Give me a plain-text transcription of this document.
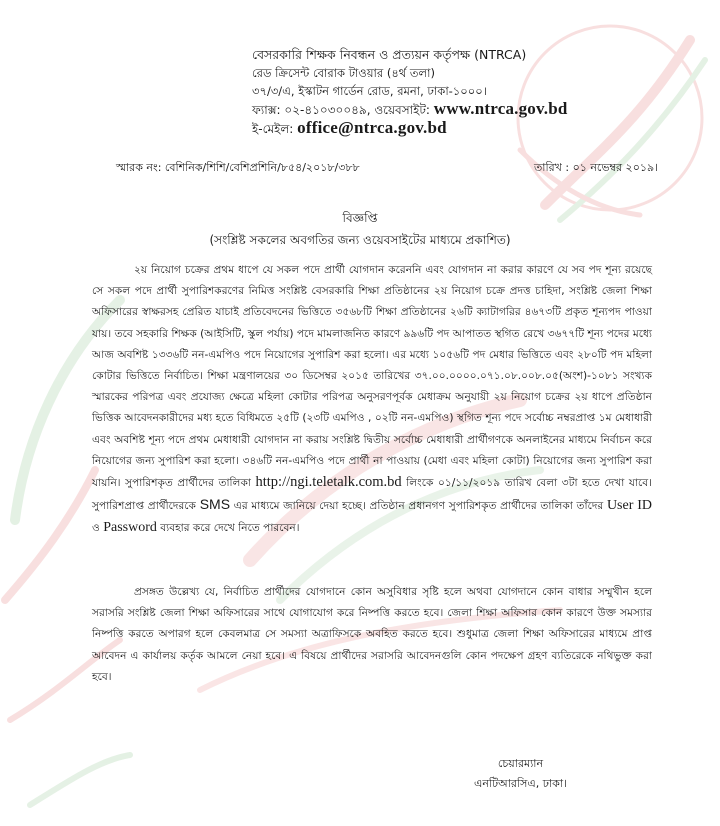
বেসরকারি শিক্ষক নিবন্ধন ও প্রত্যয়ন কর্তৃপক্ষ (NTRCA)
রেড ক্রিসেন্ট বোরাক টাওয়ার (৪র্থ তলা)
৩৭/৩/এ, ইস্কাটন গার্ডেন রোড, রমনা, ঢাকা-১০০০।
ফ্যাক্স: ০২-৪১০৩০০৪৯, ওয়েবসাইট: www.ntrca.gov.bd
ই-মেইল: office@ntrca.gov.bd
স্মারক নং: বেশিনিক/শিশি/বেশিপ্রশিনি/৮৫৪/২০১৮/৩৮৮	তারিখ : ০১ নভেম্বর ২০১৯।
বিজ্ঞপ্তি
(সংশ্লিষ্ট সকলের অবগতির জন্য ওয়েবসাইটের মাধ্যমে প্রকাশিত)
২য় নিয়োগ চক্রের প্রথম ধাপে যে সকল পদে প্রার্থী যোগদান করেননি এবং যোগদান না করার কারণে যে সব পদ শূন্য রয়েছে সে সকল পদে প্রার্থী সুপারিশকরণের নিমিত্ত সংশ্লিষ্ট বেসরকারি শিক্ষা প্রতিষ্ঠানের ২য় নিয়োগ চক্রে প্রদত্ত চাহিদা, সংশ্লিষ্ট জেলা শিক্ষা অফিসারের স্বাক্ষরসহ প্রেরিত যাচাই প্রতিবেদনের ভিত্তিতে ৩৫৬৮টি শিক্ষা প্রতিষ্ঠানের ২৬টি ক্যাটাগরির ৪৬৭৩টি প্রকৃত শূন্যপদ পাওয়া যায়। তবে সহকারি শিক্ষক (আইসিটি, স্কুল পর্যায়) পদে মামলাজনিত কারণে ৯৯৬টি পদ আপাতত স্থগিত রেখে ৩৬৭৭টি শূন্য পদের মধ্যে আজ অবশিষ্ট ১৩৩৬টি নন-এমপিও পদে নিয়োগের সুপারিশ করা হলো। এর মধ্যে ১০৫৬টি পদ মেধার ভিত্তিতে এবং ২৮০টি পদ মহিলা কোটার ভিত্তিতে নির্বাচিত। শিক্ষা মন্ত্রণালয়ের ৩০ ডিসেম্বর ২০১৫ তারিখের ৩৭.০০.০০০০.০৭১.০৮.০০৮.০৫(অংশ)-১০৮১ সংখ্যক স্মারকের পরিপত্র এবং প্রযোজ্য ক্ষেত্রে মহিলা কোটার পরিপত্র অনুসরণপূর্বক মেধাক্রম অনুযায়ী ২য় নিয়োগ চক্রের ২য় ধাপে প্রতিষ্ঠান ভিত্তিক আবেদনকারীদের মধ্য হতে বিধিমতে ২৫টি (২৩টি এমপিও , ০২টি নন-এমপিও) স্থগিত শূন্য পদে সর্বোচ্চ নম্বরপ্রাপ্ত ১ম মেধাধারী এবং অবশিষ্ট শূন্য পদে প্রথম মেধাধারী যোগদান না করায় সংশ্লিষ্ট দ্বিতীয় সর্বোচ্চ মেধাধারী প্রার্থীগণকে অনলাইনের মাধ্যমে নির্বাচন করে নিয়োগের জন্য সুপারিশ করা হলো। ৩৪৬টি নন-এমপিও পদে প্রার্থী না পাওয়ায় (মেধা এবং মহিলা কোটা) নিয়োগের জন্য সুপারিশ করা যায়নি। সুপারিশকৃত প্রার্থীদের তালিকা http://ngi.teletalk.com.bd লিংকে ০১/১১/২০১৯ তারিখ বেলা ৩টা হতে দেখা যাবে। সুপারিশপ্রাপ্ত প্রার্থীদেরকে SMS এর মাধ্যমে জানিয়ে দেয়া হচ্ছে। প্রতিষ্ঠান প্রধানগণ সুপারিশকৃত প্রার্থীদের তালিকা তাঁদের User ID ও Password ব্যবহার করে দেখে নিতে পারবেন।
প্রসঙ্গত উল্লেখ্য যে, নির্বাচিত প্রার্থীদের যোগদানে কোন অসুবিধার সৃষ্টি হলে অথবা যোগদানে কোন বাধার সম্মুখীন হলে সরাসরি সংশ্লিষ্ট জেলা শিক্ষা অফিসারের সাথে যোগাযোগ করে নিষ্পত্তি করতে হবে। জেলা শিক্ষা অফিসার কোন কারণে উক্ত সমস্যার নিষ্পত্তি করতে অপারগ হলে কেবলমাত্র সে সমস্যা অত্রাফিসকে অবহিত করতে হবে। শুধুমাত্র জেলা শিক্ষা অফিসারের মাধ্যমে প্রাপ্ত আবেদন এ কার্যালয় কর্তৃক আমলে নেয়া হবে। এ বিষয়ে প্রার্থীদের সরাসরি আবেদনগুলি কোন পদক্ষেপ গ্রহণ ব্যতিরেকে নথিভুক্ত করা হবে।
চেয়ারম্যান
এনটিআরসিএ, ঢাকা।
